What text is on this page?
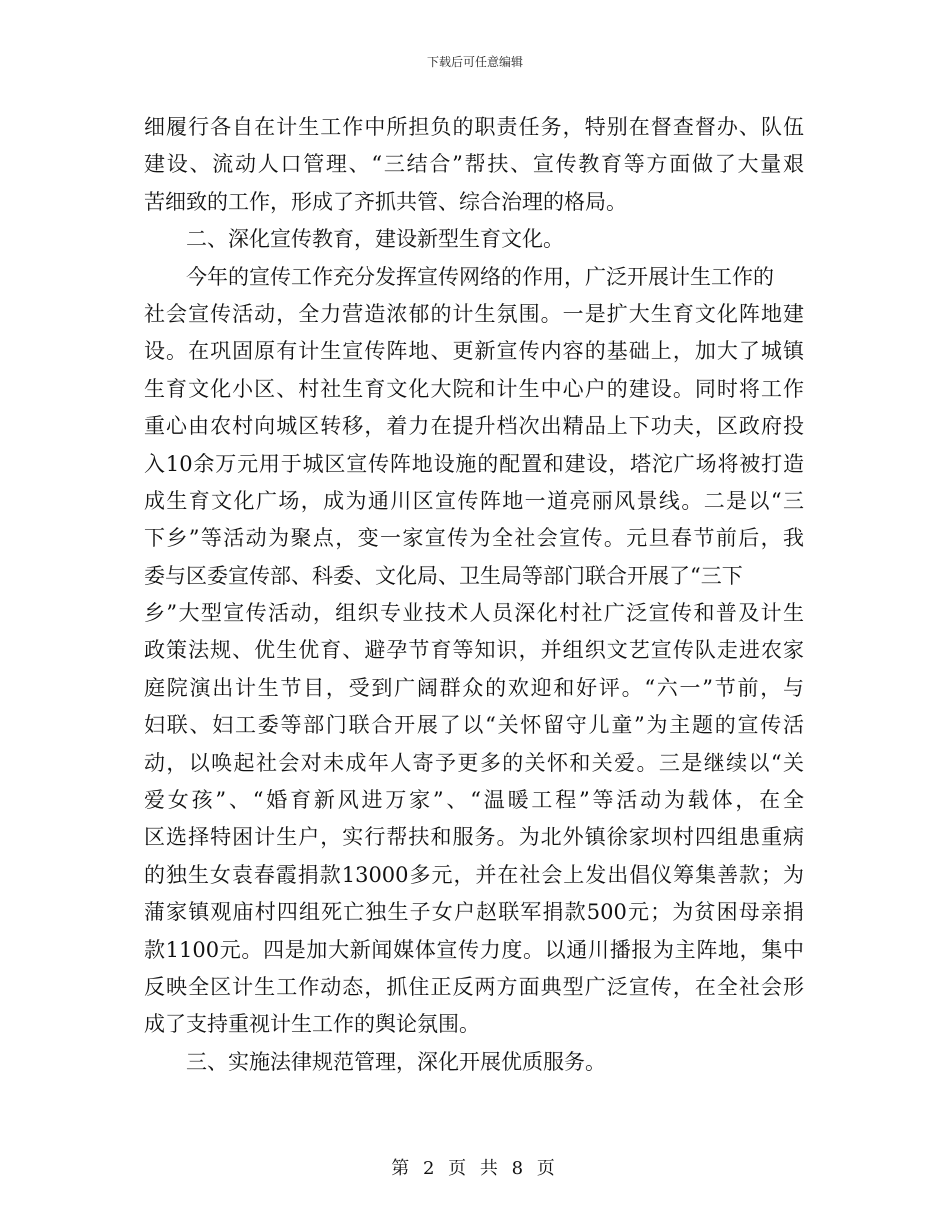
下载后可任意编辑
细履行各自在计生工作中所担负的职责任务，特别在督查督办、队伍
建设、流动人口管理、“三结合”帮扶、宣传教育等方面做了大量艰
苦细致的工作，形成了齐抓共管、综合治理的格局。
二、深化宣传教育，建设新型生育文化。
今年的宣传工作充分发挥宣传网络的作用，广泛开展计生工作的
社会宣传活动，全力营造浓郁的计生氛围。一是扩大生育文化阵地建
设。在巩固原有计生宣传阵地、更新宣传内容的基础上，加大了城镇
生育文化小区、村社生育文化大院和计生中心户的建设。同时将工作
重心由农村向城区转移，着力在提升档次出精品上下功夫，区政府投
入10余万元用于城区宣传阵地设施的配置和建设，塔沱广场将被打造
成生育文化广场，成为通川区宣传阵地一道亮丽风景线。二是以“三
下乡”等活动为聚点，变一家宣传为全社会宣传。元旦春节前后，我
委与区委宣传部、科委、文化局、卫生局等部门联合开展了“三下
乡”大型宣传活动，组织专业技术人员深化村社广泛宣传和普及计生
政策法规、优生优育、避孕节育等知识，并组织文艺宣传队走进农家
庭院演出计生节目，受到广阔群众的欢迎和好评。“六一”节前，与
妇联、妇工委等部门联合开展了以“关怀留守儿童”为主题的宣传活
动，以唤起社会对未成年人寄予更多的关怀和关爱。三是继续以“关
爱女孩”、“婚育新风进万家”、“温暖工程”等活动为载体，在全
区选择特困计生户，实行帮扶和服务。为北外镇徐家坝村四组患重病
的独生女袁春霞捐款13000多元，并在社会上发出倡仪筹集善款；为
蒲家镇观庙村四组死亡独生子女户赵联军捐款500元；为贫困母亲捐
款1100元。四是加大新闻媒体宣传力度。以通川播报为主阵地，集中
反映全区计生工作动态，抓住正反两方面典型广泛宣传，在全社会形
成了支持重视计生工作的舆论氛围。
三、实施法律规范管理，深化开展优质服务。
第 2 页 共 8 页
